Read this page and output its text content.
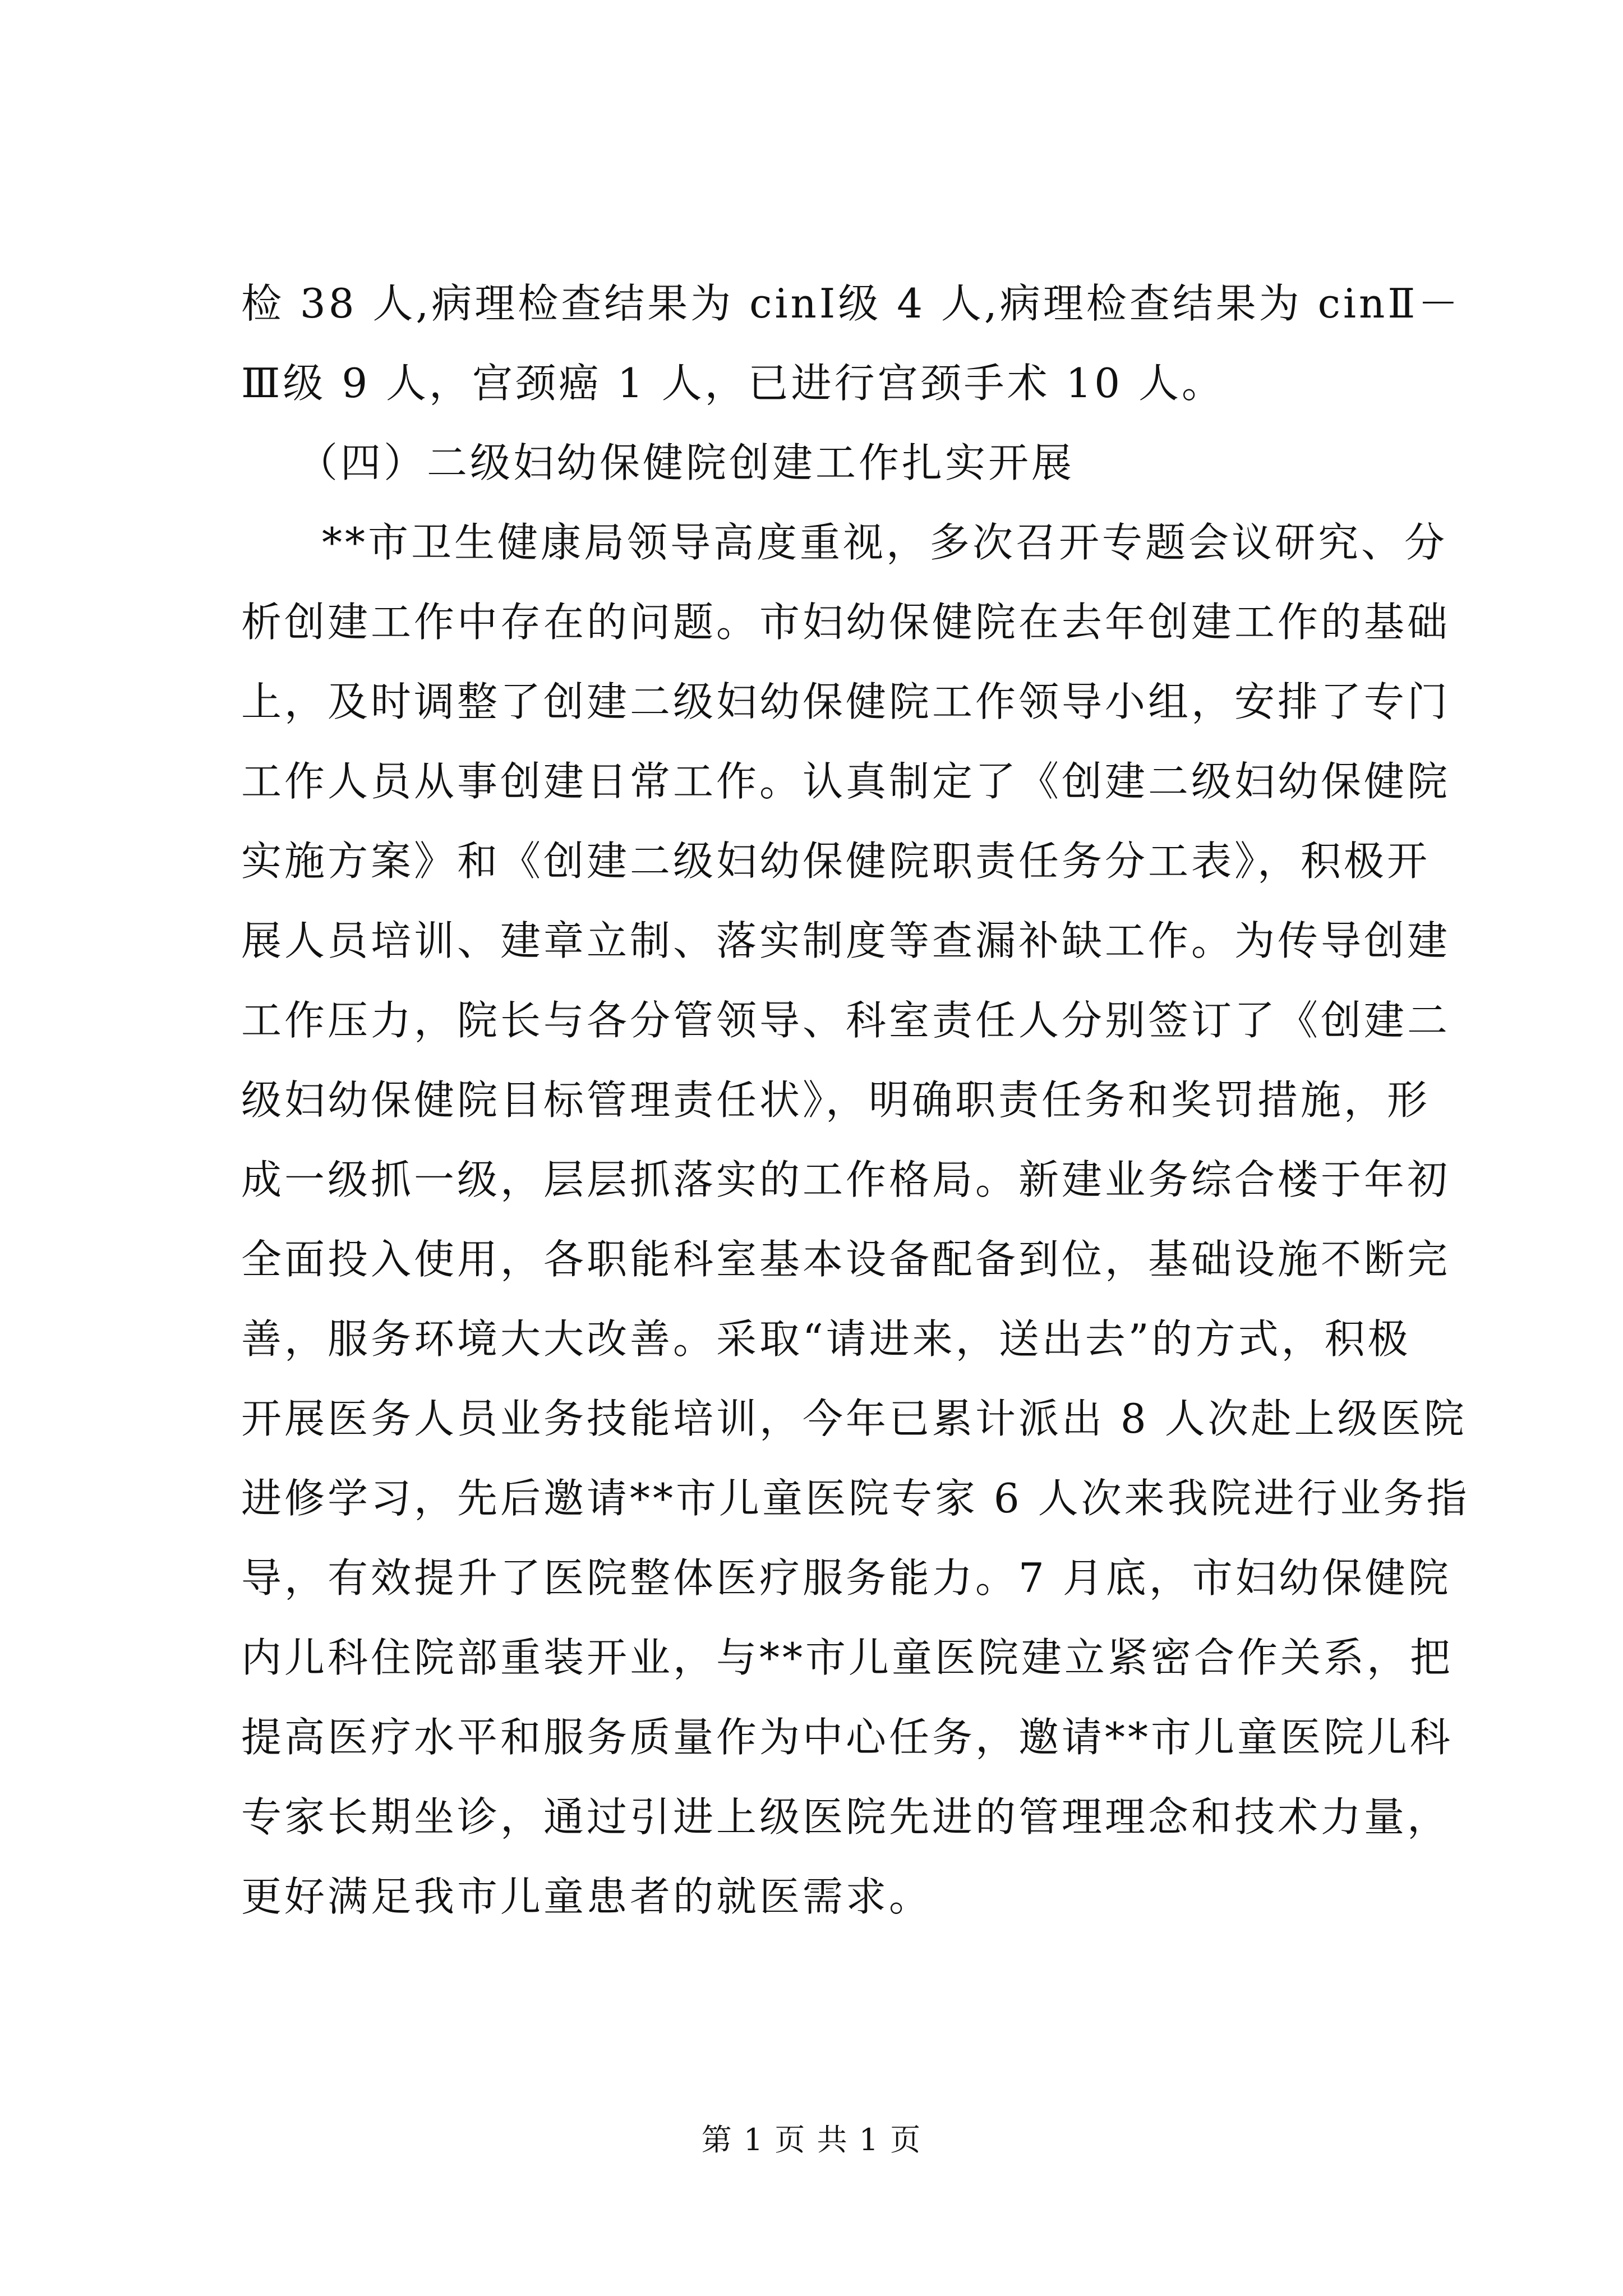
检 38 人,病理检查结果为 cinⅠ级 4 人,病理检查结果为 cinⅡ－
Ⅲ级 9 人，宫颈癌 1 人，已进行宫颈手术 10 人。
（四）二级妇幼保健院创建工作扎实开展
**市卫生健康局领导高度重视，多次召开专题会议研究、分
析创建工作中存在的问题。市妇幼保健院在去年创建工作的基础
上，及时调整了创建二级妇幼保健院工作领导小组，安排了专门
工作人员从事创建日常工作。认真制定了《创建二级妇幼保健院
实施方案》和《创建二级妇幼保健院职责任务分工表》，积极开
展人员培训、建章立制、落实制度等查漏补缺工作。为传导创建
工作压力，院长与各分管领导、科室责任人分别签订了《创建二
级妇幼保健院目标管理责任状》，明确职责任务和奖罚措施，形
成一级抓一级，层层抓落实的工作格局。新建业务综合楼于年初
全面投入使用，各职能科室基本设备配备到位，基础设施不断完
善，服务环境大大改善。采取“请进来，送出去”的方式，积极
开展医务人员业务技能培训，今年已累计派出 8 人次赴上级医院
进修学习，先后邀请**市儿童医院专家 6 人次来我院进行业务指
导，有效提升了医院整体医疗服务能力。7 月底，市妇幼保健院
内儿科住院部重装开业，与**市儿童医院建立紧密合作关系，把
提高医疗水平和服务质量作为中心任务，邀请**市儿童医院儿科
专家长期坐诊，通过引进上级医院先进的管理理念和技术力量，
更好满足我市儿童患者的就医需求。
第 1 页 共 1 页
